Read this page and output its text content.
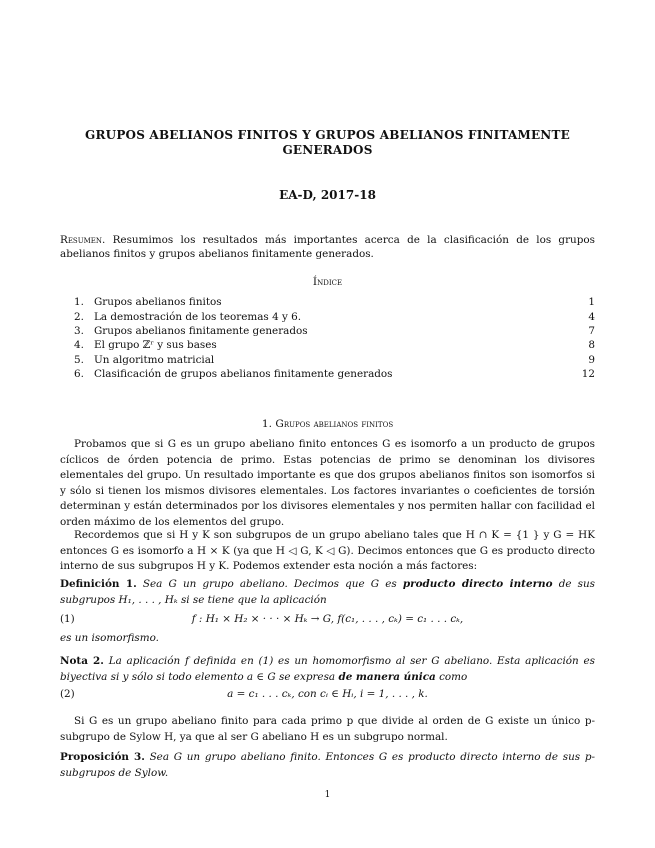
GRUPOS ABELIANOS FINITOS Y GRUPOS ABELIANOS FINITAMENTE GENERADOS
EA-D, 2017-18
Resumen. Resumimos los resultados más importantes acerca de la clasificación de los grupos abelianos finitos y grupos abelianos finitamente generados.
Índice
1. Grupos abelianos finitos	1
2. La demostración de los teoremas 4 y 6.	4
3. Grupos abelianos finitamente generados	7
4. El grupo ℤʳ y sus bases	8
5. Un algoritmo matricial	9
6. Clasificación de grupos abelianos finitamente generados	12
1. Grupos abelianos finitos
Probamos que si G es un grupo abeliano finito entonces G es isomorfo a un producto de grupos cíclicos de órden potencia de primo. Estas potencias de primo se denominan los divisores elementales del grupo. Un resultado importante es que dos grupos abelianos finitos son isomorfos si y sólo si tienen los mismos divisores elementales. Los factores invariantes o coeficientes de torsión determinan y están determinados por los divisores elementales y nos permiten hallar con facilidad el orden máximo de los elementos del grupo.
Recordemos que si H y K son subgrupos de un grupo abeliano tales que H ∩ K = {1 } y G = HK entonces G es isomorfo a H × K (ya que H ◁ G, K ◁ G). Decimos entonces que G es producto directo interno de sus subgrupos H y K. Podemos extender esta noción a más factores:
Definición 1. Sea G un grupo abeliano. Decimos que G es producto directo interno de sus subgrupos H₁, . . . , Hₖ si se tiene que la aplicación
(1)	f : H₁ × H₂ × · · · × Hₖ → G, f(c₁, . . . , cₖ) = c₁ . . . cₖ,
es un isomorfismo.
Nota 2. La aplicación f definida en (1) es un homomorfismo al ser G abeliano. Esta aplicación es biyectiva si y sólo si todo elemento a ∈ G se expresa de manera única como
(2)	a = c₁ . . . cₖ, con cᵢ ∈ Hᵢ, i = 1, . . . , k.
Si G es un grupo abeliano finito para cada primo p que divide al orden de G existe un único p-subgrupo de Sylow H, ya que al ser G abeliano H es un subgrupo normal.
Proposición 3. Sea G un grupo abeliano finito. Entonces G es producto directo interno de sus p-subgrupos de Sylow.
1
